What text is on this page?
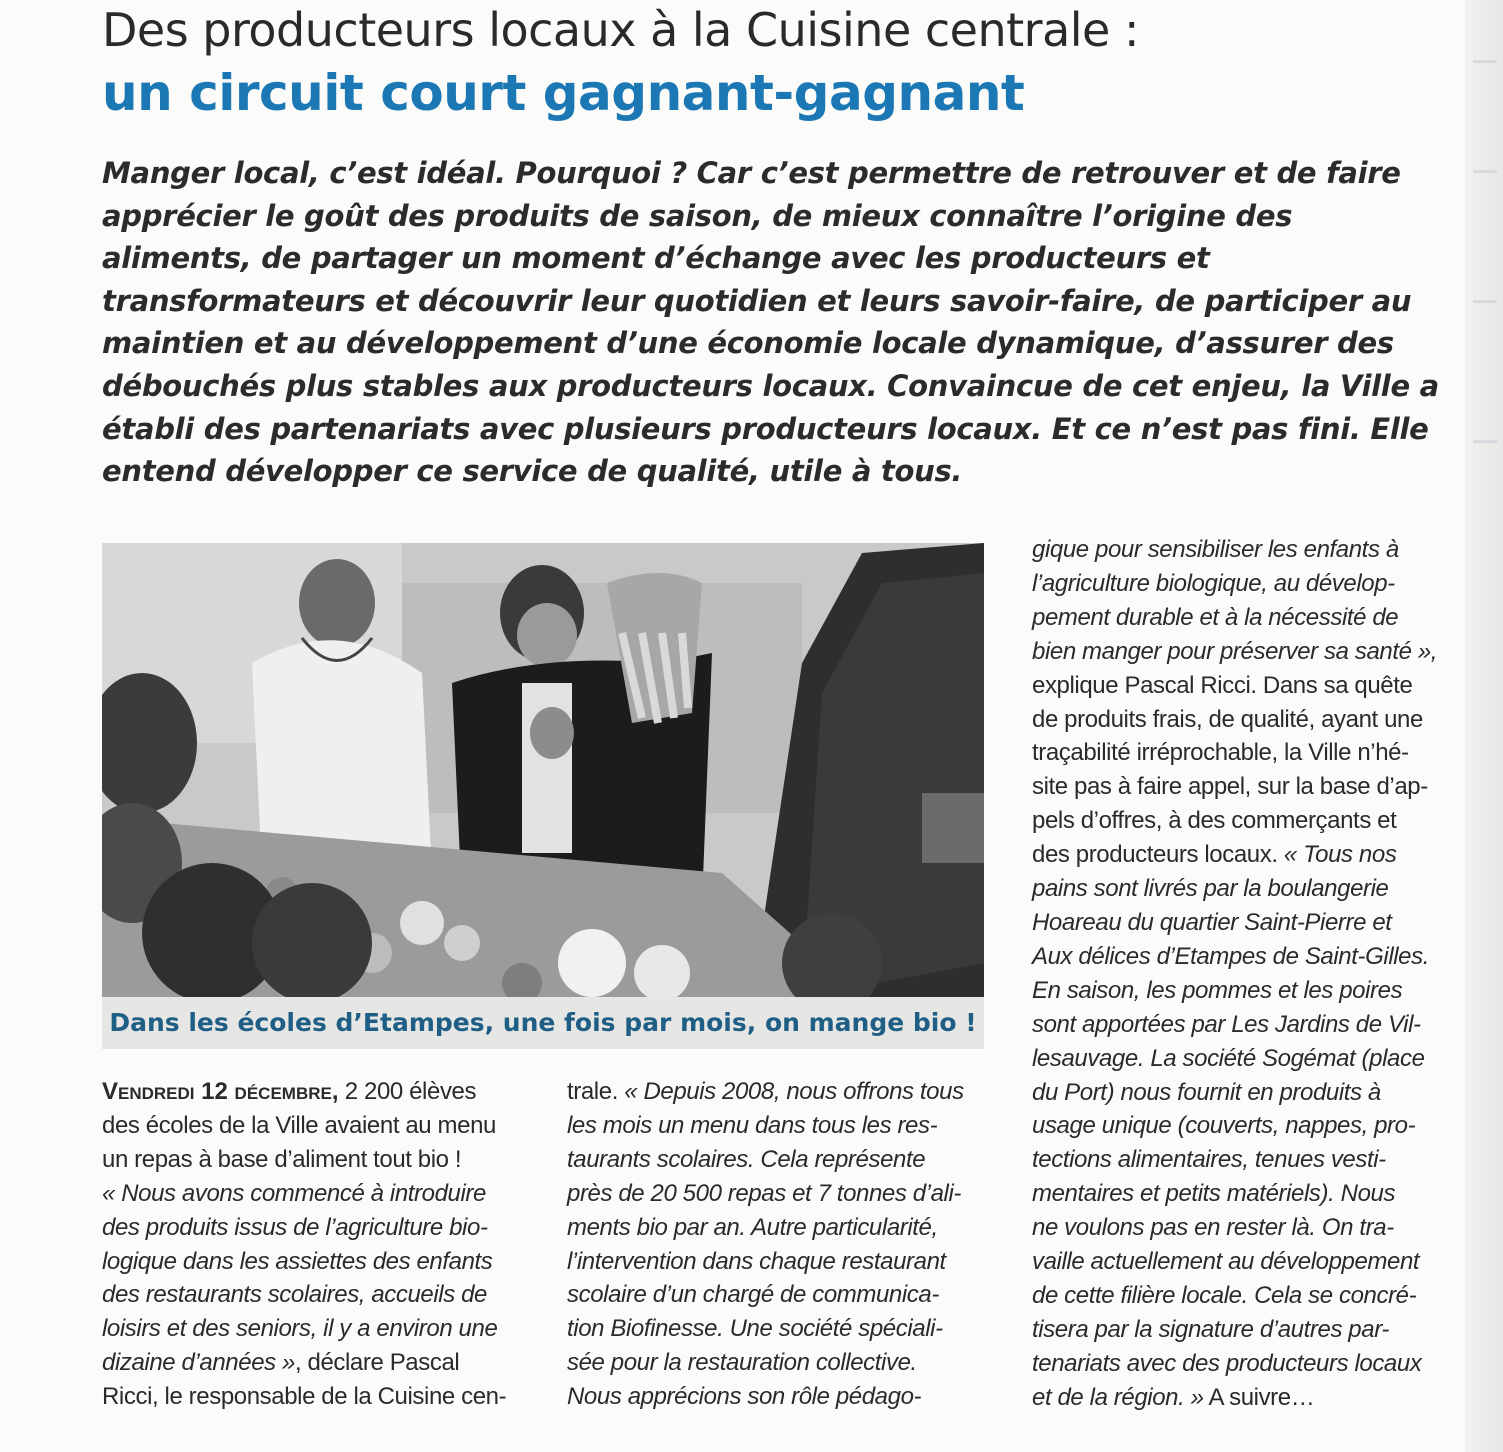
Des producteurs locaux à la Cuisine centrale :
un circuit court gagnant-gagnant

Manger local, c’est idéal. Pourquoi ? Car c’est permettre de retrouver et de faire apprécier le goût des produits de saison, de mieux connaître l’origine des aliments, de partager un moment d’échange avec les producteurs et transformateurs et découvrir leur quotidien et leurs savoir-faire, de participer au maintien et au développement d’une économie locale dynamique, d’assurer des débouchés plus stables aux producteurs locaux. Convaincue de cet enjeu, la Ville a établi des partenariats avec plusieurs producteurs locaux. Et ce n’est pas fini. Elle entend développer ce service de qualité, utile à tous.

Dans les écoles d’Etampes, une fois par mois, on mange bio !

Vendredi 12 décembre, 2 200 élèves
des écoles de la Ville avaient au menu
un repas à base d’aliment tout bio !
« Nous avons commencé à introduire
des produits issus de l’agriculture bio-
logique dans les assiettes des enfants
des restaurants scolaires, accueils de
loisirs et des seniors, il y a environ une
dizaine d’années », déclare Pascal
Ricci, le responsable de la Cuisine cen-
trale. « Depuis 2008, nous offrons tous
les mois un menu dans tous les res-
taurants scolaires. Cela représente
près de 20 500 repas et 7 tonnes d’ali-
ments bio par an. Autre particularité,
l’intervention dans chaque restaurant
scolaire d’un chargé de communica-
tion Biofinesse. Une société spéciali-
sée pour la restauration collective.
Nous apprécions son rôle pédago-
gique pour sensibiliser les enfants à
l’agriculture biologique, au dévelop-
pement durable et à la nécessité de
bien manger pour préserver sa santé »,
explique Pascal Ricci. Dans sa quête
de produits frais, de qualité, ayant une
traçabilité irréprochable, la Ville n’hé-
site pas à faire appel, sur la base d’ap-
pels d’offres, à des commerçants et
des producteurs locaux. « Tous nos
pains sont livrés par la boulangerie
Hoareau du quartier Saint-Pierre et
Aux délices d’Etampes de Saint-Gilles.
En saison, les pommes et les poires
sont apportées par Les Jardins de Vil-
lesauvage. La société Sogémat (place
du Port) nous fournit en produits à
usage unique (couverts, nappes, pro-
tections alimentaires, tenues vesti-
mentaires et petits matériels). Nous
ne voulons pas en rester là. On tra-
vaille actuellement au développement
de cette filière locale. Cela se concré-
tisera par la signature d’autres par-
tenariats avec des producteurs locaux
et de la région. » A suivre…
